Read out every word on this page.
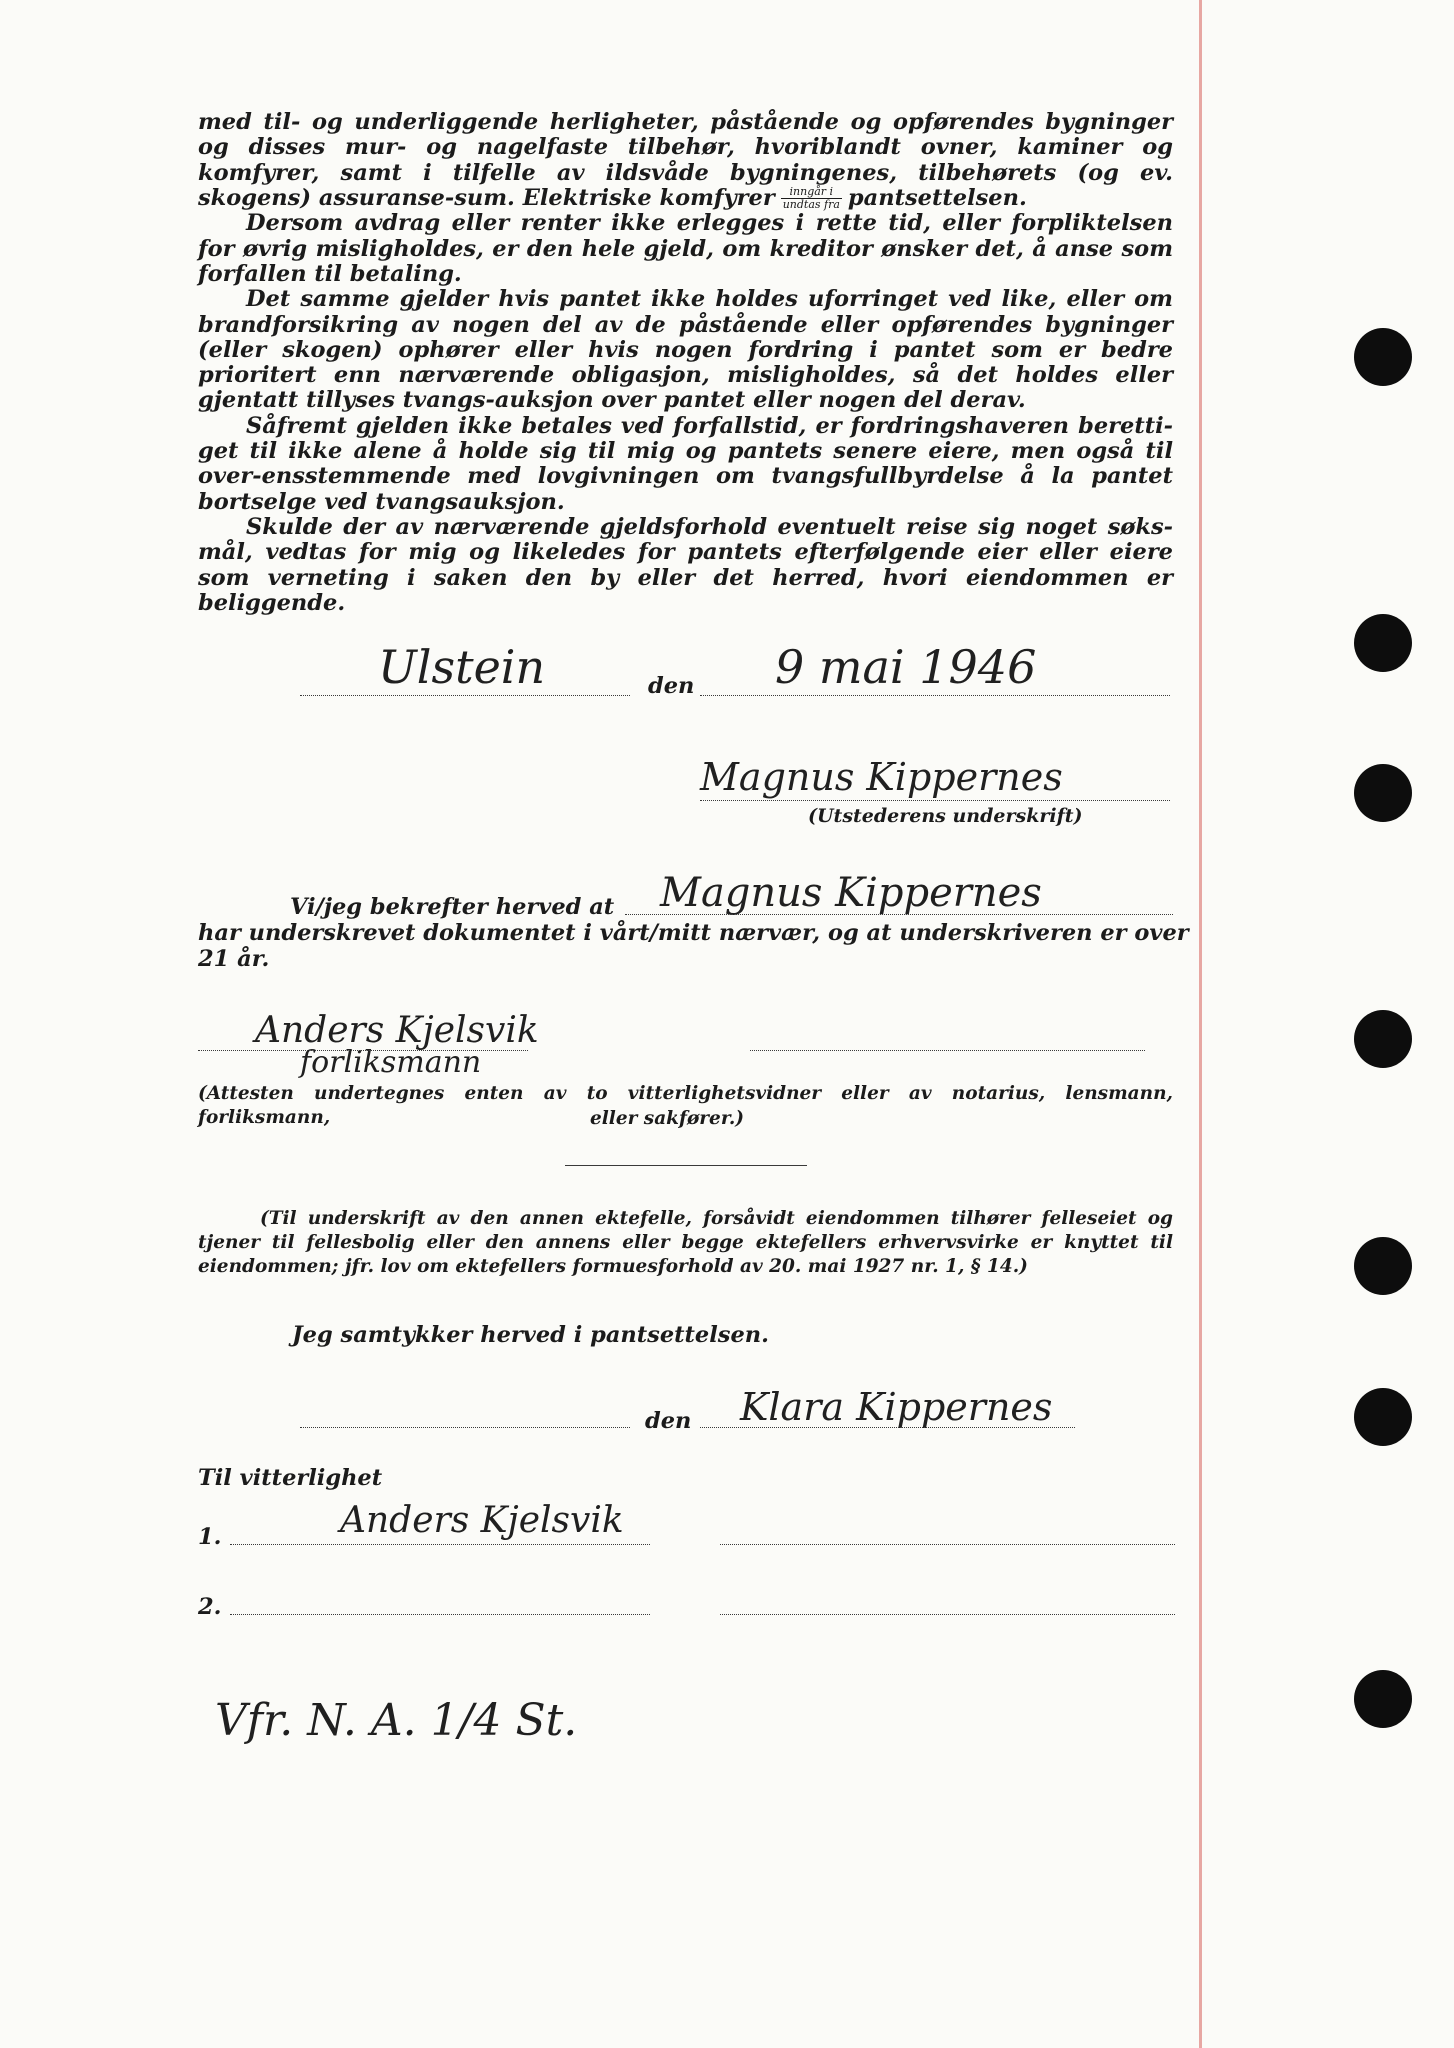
med til- og underliggende herligheter, påstående og opførendes bygninger og disses mur- og nagelfaste tilbehør, hvoriblandt ovner, kaminer og komfyrer, samt i tilfelle av ildsvåde bygningenes, tilbehørets (og ev. skogens) assuranse-sum. Elektriske komfyrer $\frac{\text{inngår i}}{\text{undtas fra}}$ pantsettelsen.

Dersom avdrag eller renter ikke erlegges i rette tid, eller forpliktelsen for øvrig misligholdes, er den hele gjeld, om kreditor ønsker det, å anse som forfallen til betaling.

Det samme gjelder hvis pantet ikke holdes uforringet ved like, eller om brandforsikring av nogen del av de påstående eller opførendes bygninger (eller skogen) ophører eller hvis nogen fordring i pantet som er bedre prioritert enn nærværende obligasjon, misligholdes, så det holdes eller gjentatt tillyses tvangs-auksjon over pantet eller nogen del derav.

Såfremt gjelden ikke betales ved forfallstid, er fordringshaveren beretti-get til ikke alene å holde sig til mig og pantets senere eiere, men også til over-ensstemmende med lovgivningen om tvangsfullbyrdelse å la pantet bortselge ved tvangsauksjon.

Skulde der av nærværende gjeldsforhold eventuelt reise sig noget søks-mål, vedtas for mig og likeledes for pantets efterfølgende eier eller eiere som verneting i saken den by eller det herred, hvori eiendommen er beliggende.

Ulstein	den 9 mai 1946
Magnus Kippernes
(Utstederens underskrift)
Vi/jeg bekrefter herved at Magnus Kippernes
har underskrevet dokumentet i vårt/mitt nærvær, og at underskriveren er over
21 år.
Anders Kjelsvik
forliksmann
(Attesten undertegnes enten av to vitterlighetsvidner eller av notarius, lensmann, forliksmann,	eller sakfører.)
(Til underskrift av den annen ektefelle, forsåvidt eiendommen tilhører felleseiet og tjener til fellesbolig eller den annens eller begge ektefellers erhvervsvirke er knyttet til eiendommen; jfr. lov om ektefellers formuesforhold av 20. mai 1927 nr. 1, § 14.)
Jeg samtykker herved i pantsettelsen.
den Klara Kippernes
Til vitterlighet
1.	Anders Kjelsvik
2.
Vfr. N. A. 1/4 St.
